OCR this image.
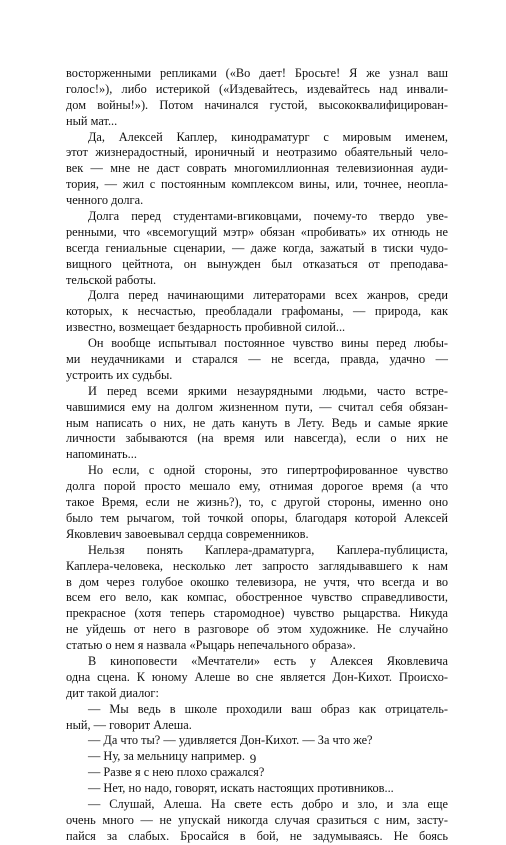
восторженными репликами («Во дает! Бросьте! Я же узнал ваш
голос!»), либо истерикой («Издевайтесь, издевайтесь над инвали-
дом войны!»). Потом начинался густой, высококвалифицирован-
ный мат...
Да, Алексей Каплер, кинодраматург с мировым именем,
этот жизнерадостный, ироничный и неотразимо обаятельный чело-
век — мне не даст соврать многомиллионная телевизионная ауди-
тория, — жил с постоянным комплексом вины, или, точнее, неопла-
ченного долга.
Долга перед студентами-вгиковцами, почему-то твердо уве-
ренными, что «всемогущий мэтр» обязан «пробивать» их отнюдь не
всегда гениальные сценарии, — даже когда, зажатый в тиски чудо-
вищного цейтнота, он вынужден был отказаться от преподава-
тельской работы.
Долга перед начинающими литераторами всех жанров, среди
которых, к несчастью, преобладали графоманы, — природа, как
известно, возмещает бездарность пробивной силой...
Он вообще испытывал постоянное чувство вины перед любы-
ми неудачниками и старался — не всегда, правда, удачно —
устроить их судьбы.
И перед всеми яркими незаурядными людьми, часто встре-
чавшимися ему на долгом жизненном пути, — считал себя обязан-
ным написать о них, не дать кануть в Лету. Ведь и самые яркие
личности забываются (на время или навсегда), если о них не
напоминать...
Но если, с одной стороны, это гипертрофированное чувство
долга порой просто мешало ему, отнимая дорогое время (а что
такое Время, если не жизнь?), то, с другой стороны, именно оно
было тем рычагом, той точкой опоры, благодаря которой Алексей
Яковлевич завоевывал сердца современников.
Нельзя понять Каплера-драматурга, Каплера-публициста,
Каплера-человека, несколько лет запросто заглядывавшего к нам
в дом через голубое окошко телевизора, не учтя, что всегда и во
всем его вело, как компас, обостренное чувство справедливости,
прекрасное (хотя теперь старомодное) чувство рыцарства. Никуда
не уйдешь от него в разговоре об этом художнике. Не случайно
статью о нем я назвала «Рыцарь непечального образа».
В киноповести «Мечтатели» есть у Алексея Яковлевича
одна сцена. К юному Алеше во сне является Дон-Кихот. Происхо-
дит такой диалог:
— Мы ведь в школе проходили ваш образ как отрицатель-
ный, — говорит Алеша.
— Да что ты? — удивляется Дон-Кихот. — За что же?
— Ну, за мельницу например.
— Разве я с нею плохо сражался?
— Нет, но надо, говорят, искать настоящих противников...
— Слушай, Алеша. На свете есть добро и зло, и зла еще
очень много — не упускай никогда случая сразиться с ним, засту-
пайся за слабых. Бросайся в бой, не задумываясь. Не боясь
9
